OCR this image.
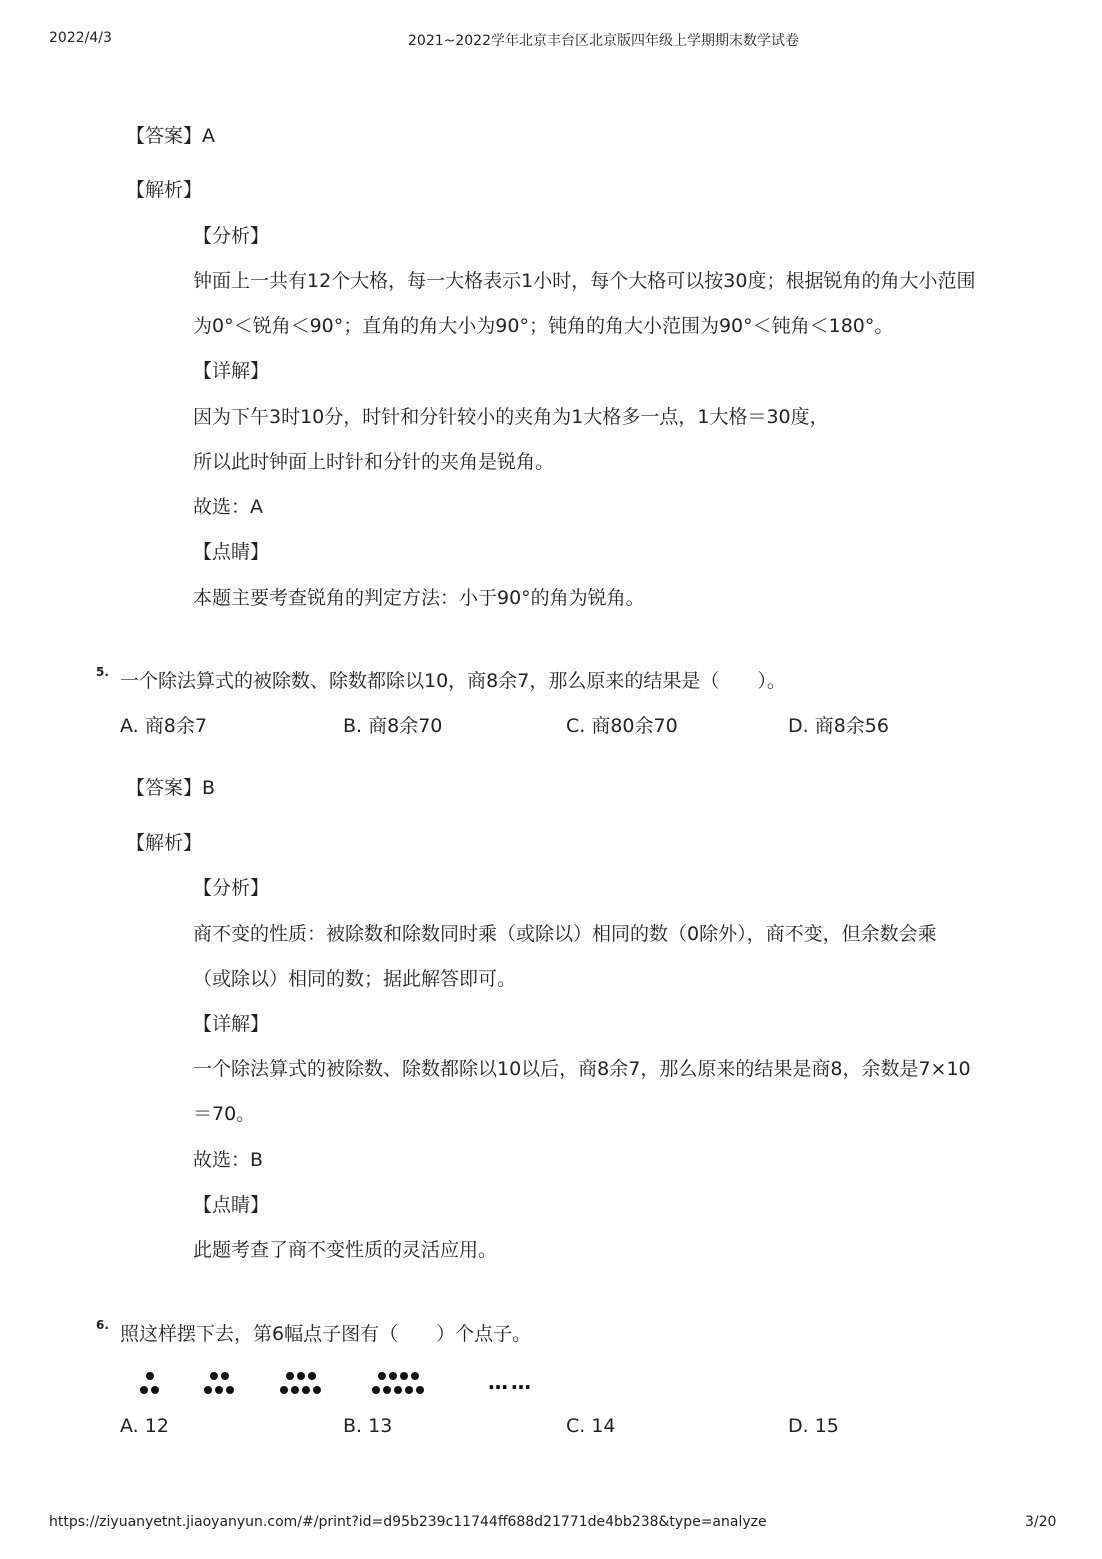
2022/4/3	2021~2022学年北京丰台区北京版四年级上学期期末数学试卷
【答案】A
【解析】
【分析】
钟面上一共有12个大格，每一大格表示1小时，每个大格可以按30度；根据锐角的角大小范围
为0°＜锐角＜90°；直角的角大小为90°；钝角的角大小范围为90°＜钝角＜180°。
【详解】
因为下午3时10分，时针和分针较小的夹角为1大格多一点，1大格＝30度，
所以此时钟面上时针和分针的夹角是锐角。
故选：A
【点睛】
本题主要考查锐角的判定方法：小于90°的角为锐角。
5. 一个除法算式的被除数、除数都除以10，商8余7，那么原来的结果是（　　）。
A. 商8余7	B. 商8余70	C. 商80余70	D. 商8余56
【答案】B
【解析】
【分析】
商不变的性质：被除数和除数同时乘（或除以）相同的数（0除外），商不变，但余数会乘
（或除以）相同的数；据此解答即可。
【详解】
一个除法算式的被除数、除数都除以10以后，商8余7，那么原来的结果是商8，余数是7×10
＝70。
故选：B
【点睛】
此题考查了商不变性质的灵活应用。
6. 照这样摆下去，第6幅点子图有（　　）个点子。
……
A. 12	B. 13	C. 14	D. 15
https://ziyuanyetnt.jiaoyanyun.com/#/print?id=d95b239c11744ff688d21771de4bb238&type=analyze	3/20
